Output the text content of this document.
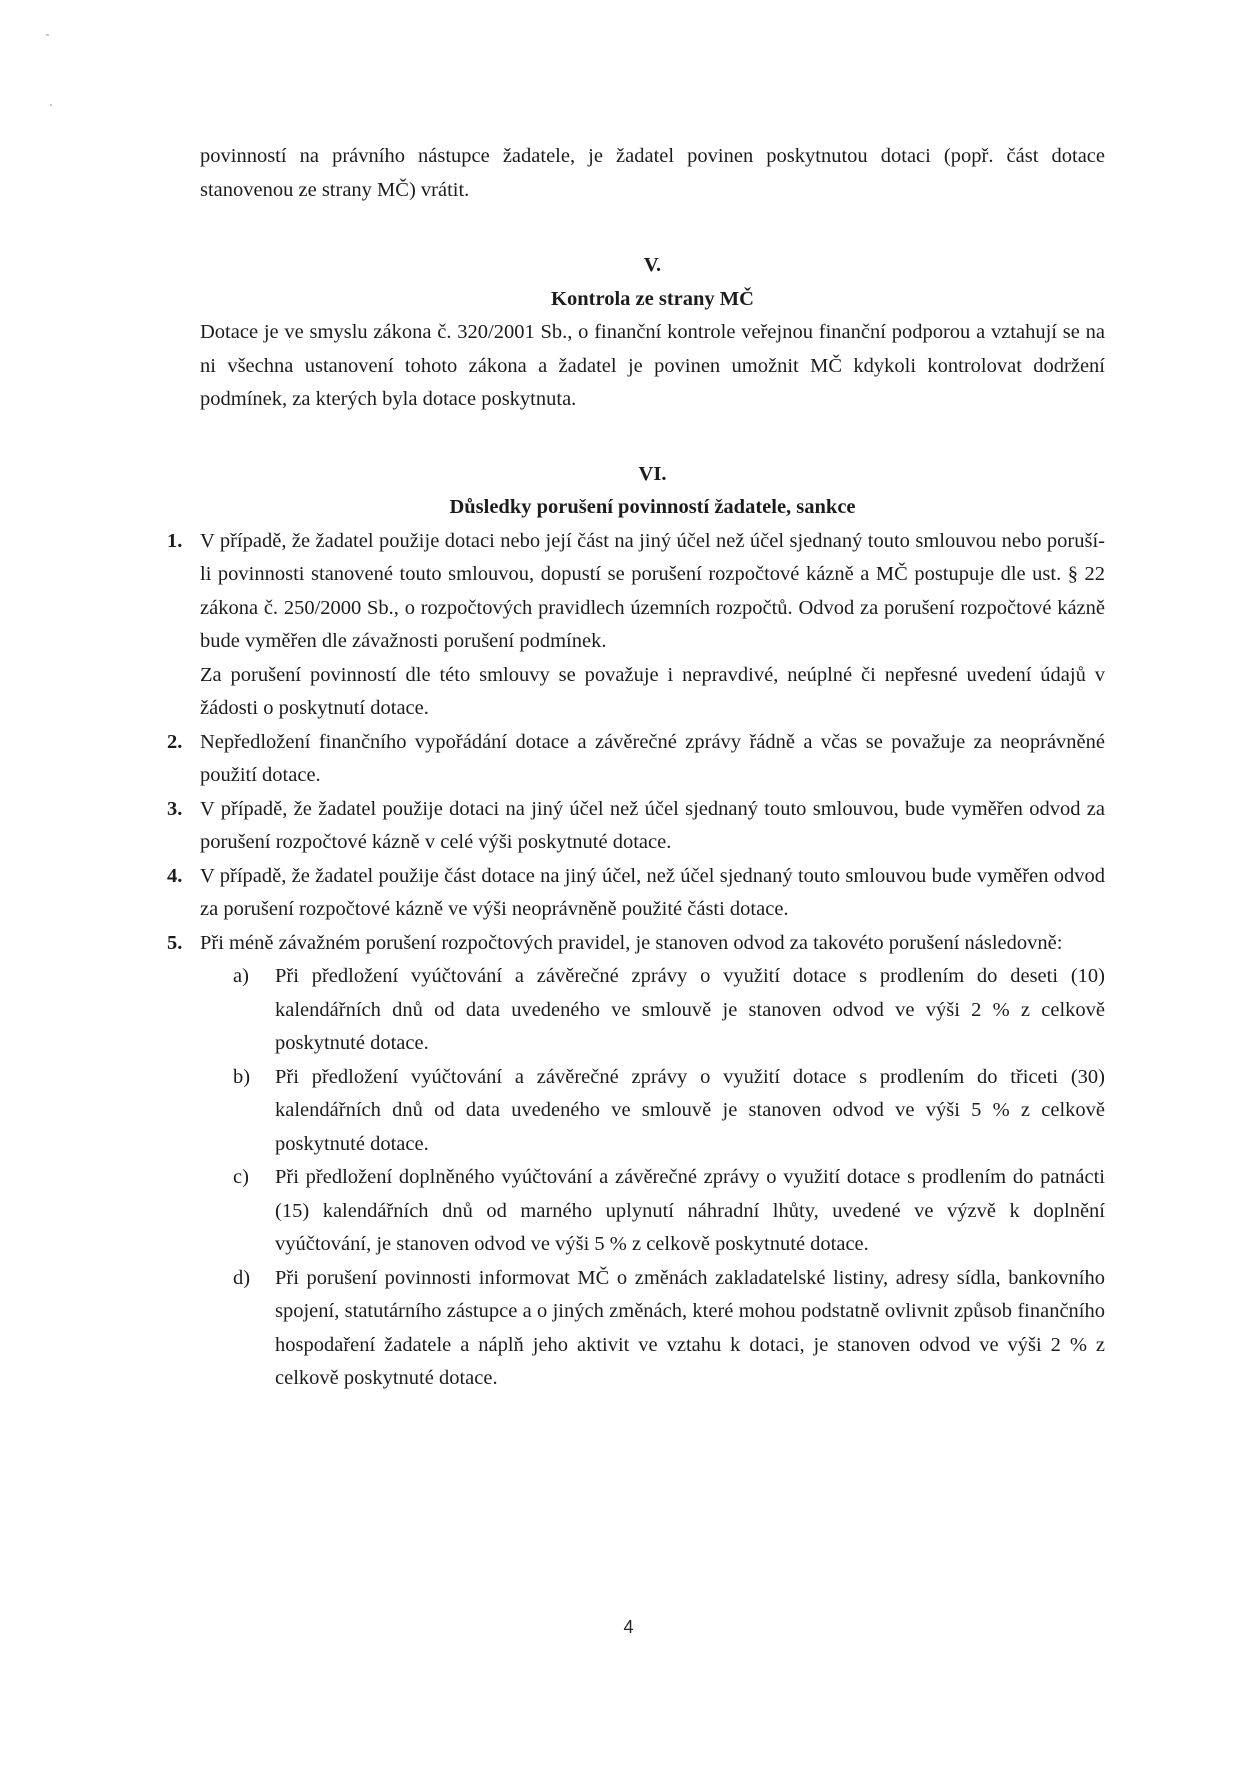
povinností na právního nástupce žadatele, je žadatel povinen poskytnutou dotaci (popř. část dotace stanovenou ze strany MČ) vrátit.

V.

Kontrola ze strany MČ

Dotace je ve smyslu zákona č. 320/2001 Sb., o finanční kontrole veřejnou finanční podporou a vztahují se na ni všechna ustanovení tohoto zákona a žadatel je povinen umožnit MČ kdykoli kontrolovat dodržení podmínek, za kterých byla dotace poskytnuta.

VI.

Důsledky porušení povinností žadatele, sankce

1. V případě, že žadatel použije dotaci nebo její část na jiný účel než účel sjednaný touto smlouvou nebo poruší-li povinnosti stanovené touto smlouvou, dopustí se porušení rozpočtové kázně a MČ postupuje dle ust. § 22 zákona č. 250/2000 Sb., o rozpočtových pravidlech územních rozpočtů. Odvod za porušení rozpočtové kázně bude vyměřen dle závažnosti porušení podmínek.

Za porušení povinností dle této smlouvy se považuje i nepravdivé, neúplné či nepřesné uvedení údajů v žádosti o poskytnutí dotace.

2. Nepředložení finančního vypořádání dotace a závěrečné zprávy řádně a včas se považuje za neoprávněné použití dotace.

3. V případě, že žadatel použije dotaci na jiný účel než účel sjednaný touto smlouvou, bude vyměřen odvod za porušení rozpočtové kázně v celé výši poskytnuté dotace.

4. V případě, že žadatel použije část dotace na jiný účel, než účel sjednaný touto smlouvou bude vyměřen odvod za porušení rozpočtové kázně ve výši neoprávněně použité části dotace.

5. Při méně závažném porušení rozpočtových pravidel, je stanoven odvod za takovéto porušení následovně:

a) Při předložení vyúčtování a závěrečné zprávy o využití dotace s prodlením do deseti (10) kalendářních dnů od data uvedeného ve smlouvě je stanoven odvod ve výši 2 % z celkově poskytnuté dotace.

b) Při předložení vyúčtování a závěrečné zprávy o využití dotace s prodlením do třiceti (30) kalendářních dnů od data uvedeného ve smlouvě je stanoven odvod ve výši 5 % z celkově poskytnuté dotace.

c) Při předložení doplněného vyúčtování a závěrečné zprávy o využití dotace s prodlením do patnácti (15) kalendářních dnů od marného uplynutí náhradní lhůty, uvedené ve výzvě k doplnění vyúčtování, je stanoven odvod ve výši 5 % z celkově poskytnuté dotace.

d) Při porušení povinnosti informovat MČ o změnách zakladatelské listiny, adresy sídla, bankovního spojení, statutárního zástupce a o jiných změnách, které mohou podstatně ovlivnit způsob finančního hospodaření žadatele a náplň jeho aktivit ve vztahu k dotaci, je stanoven odvod ve výši 2 % z celkově poskytnuté dotace.

4
